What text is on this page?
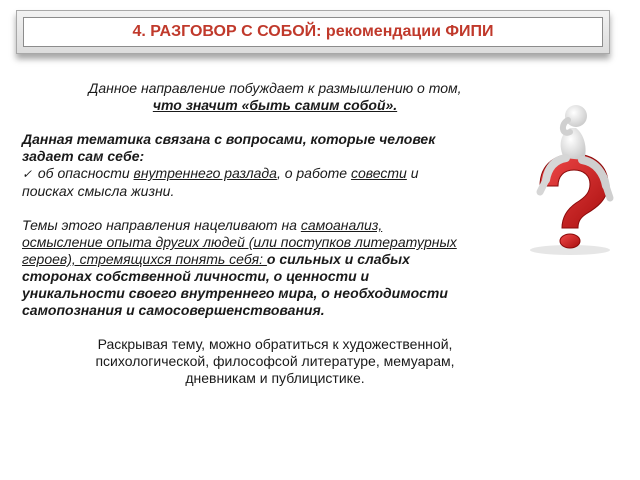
4. РАЗГОВОР С СОБОЙ: рекомендации ФИПИ

Данное направление побуждает к размышлению о том,

что значит «быть самим собой».

Данная тематика связана с вопросами, которые человек

задает сам себе:

✓ об опасности внутреннего разлада, о работе совести и

поисках смысла жизни.

Темы этого направления нацеливают на самоанализ,

осмысление опыта других людей (или поступков литературных

героев), стремящихся понять себя: о сильных и слабых

сторонах собственной личности, о ценности и

уникальности своего внутреннего мира, о необходимости

самопознания и самосовершенствования.

Раскрывая тему, можно обратиться к художественной,

психологической, философсой литературе, мемуарам,

дневникам и публицистике.
